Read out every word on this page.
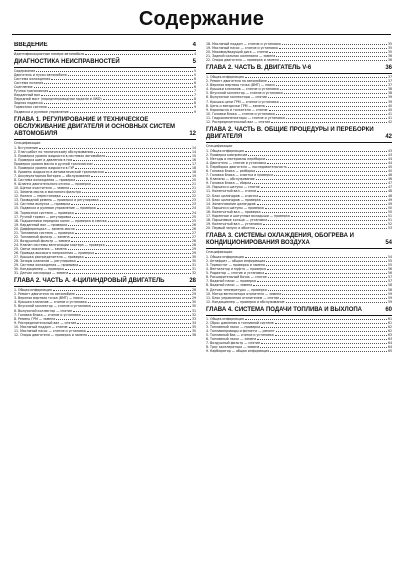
Содержание
ВВЕДЕНИЕ	4
Идентификационные номера автомобиля	4
ДИАГНОСТИКА НЕИСПРАВНОСТЕЙ	5
Содержание	5
Двигатель и пуски автомобиля	5
Система охлаждения	6
Система питания	6
Сцепление	6
Ручная трансмиссия	7
Карданный вал	7
Передний мост (переднеприводные модели и 4WD)	8
Задняя подвеска	8
Тормозная система	9
Подвеска и рулевое управление	9
ГЛАВА 1. РЕГУЛИРОВАНИЕ И ТЕХНИЧЕСКОЕ ОБСЛУЖИВАНИЕ ДВИГАТЕЛЯ И ОСНОВНЫХ СИСТЕМ АВТОМОБИЛЯ	12
Спецификации
1. Вступление	14
2. План работ по техническому обслуживанию	14
3. Проверка уровня жидкости в системах автомобиля	15
4. Проверка шин и давления в них	16
Проверка уровня масла в ручной трансмиссии	17
5. Проверка уровня жидкости в ГУР	18
6. Уровень жидкости в автоматической трансмиссии	18
7. Аккумуляторная батарея — обслуживание	19
8. Система охлаждения — проверка	20
9. Шланги двигательного отсека — проверка	21
10. Щетки очистителя — замена	21
11. Замена масла и масляного фильтра	22
12. Колеса — перестановка	22
13. Приводной ремень — проверка и регулировка	23
14. Система выпуска — проверка	23
15. Подвеска и рулевое управление — проверка	24
16. Тормозная система — проверка	24
17. Ручной тормоз — регулировка	25
18. Подшипники передних колес — проверка и смазка	25
19. Карданный вал — проверка	26
20. Дифференциал — замена масла	26
21. Топливная система — проверка	27
22. Топливный фильтр — замена	27
23. Воздушный фильтр — замена	28
24. Клапан системы вентиляции картера — проверка	28
25. Свечи зажигания — замена	29
26. Провода высокого напряжения — проверка	29
27. Крышка распределителя — проверка	30
28. Зазоры клапанов — регулировка	30
29. Система охлаждения — промывка	31
30. Кондиционер — проверка	31
31. Датчик кислорода — замена	32
ГЛАВА 2. ЧАСТЬ A. 4-ЦИЛИНДРОВЫЙ ДВИГАТЕЛЬ	28
1. Общая информация	28
2. Ремонт двигателя на автомобиле	29
3. Верхняя мертвая точка (ВМТ) — поиск	29
4. Крышка клапанов — снятие и установка	30
5. Впускной коллектор — снятие и установка	30
6. Выпускной коллектор — снятие	31
7. Головка блока — снятие и установка	32
8. Ремень ГРМ — замена	33
9. Распределительный вал — снятие	34
10. Масляный поддон — снятие	35
11. Масляный насос — снятие и установка	35
12. Опоры двигателя — проверка и замена	36
18. Масляный поддон — снятие и установка	35
19. Масляный насос — снятие и установка	35
20. Маховик/ведущий диск — снятие	35
21. Задний сальник коленвала — замена	36
22. Опоры двигателя — проверка и замена	36
ГЛАВА 2. ЧАСТЬ B. ДВИГАТЕЛЬ V-6	36
1. Общая информация	37
2. Ремонт двигателя на автомобиле	37
3. Верхняя мертвая точка (ВМТ) — поиск	37
4. Крышки клапанов — снятие и установка	38
5. Впускной коллектор — снятие и установка	38
6. Выпускные коллекторы — снятие	39
7. Крышка цепи ГРМ — снятие и установка	39
8. Цепь и звездочки ГРМ — замена	40
9. Коромысла и толкатели — снятие	40
10. Головки блока — снятие и установка	41
11. Гидрокомпенсаторы — снятие и установка	41
12. Распределительный вал — снятие	42
ГЛАВА 2. ЧАСТЬ B. ОБЩИЕ ПРОЦЕДУРЫ И ПЕРЕБОРКИ ДВИГАТЕЛЯ	42
Спецификации
1. Общая информация	43
2. Проверка компрессии	43
3. Методы и материалы переборки	44
4. Двигатель — снятие и установка	44
5. Переборка двигателя — последовательность	45
6. Головка блока — разборка	45
7. Головка блока — очистка и проверка	46
8. Клапаны — обслуживание	46
9. Головка блока — сборка	47
10. Поршни и шатуны — снятие	47
11. Коленчатый вал — снятие	48
12. Блок цилиндров — очистка	48
13. Блок цилиндров — проверка	49
14. Хонингование цилиндров	49
15. Поршни и шатуны — проверка	50
16. Коленчатый вал — проверка	50
17. Коренные и шатунные вкладыши — проверка	51
18. Поршневые кольца — установка	51
19. Коленчатый вал — установка	52
20. Первый запуск и обкатка	53
ГЛАВА 3. СИСТЕМЫ ОХЛАЖДЕНИЯ, ОБОГРЕВА И КОНДИЦИОНИРОВАНИЯ ВОЗДУХА	54
Спецификации
1. Общая информация	54
2. Антифриз — общая информация	55
3. Термостат — проверка и замена	55
4. Вентилятор и муфта — проверка	56
5. Радиатор — снятие и установка	56
6. Расширительный бачок — снятие	57
7. Водяной насос — проверка	57
8. Водяной насос — замена	58
9. Датчик температуры — проверка	58
10. Мотор вентилятора отопителя — замена	59
11. Блок управления отопителем — снятие	59
12. Кондиционер — проверка и обслуживание	59
ГЛАВА 4. СИСТЕМА ПОДАЧИ ТОПЛИВА И ВЫХЛОПА	60
1. Общая информация	61
2. Сброс давления в топливной системе	61
3. Топливный насос — проверка	62
4. Топливопроводы и фитинги — ремонт	62
5. Топливный бак — снятие и установка	63
6. Топливный насос — замена	63
7. Воздушный фильтр — снятие	64
8. Трос акселератора — замена	64
9. Карбюратор — общая информация	65
